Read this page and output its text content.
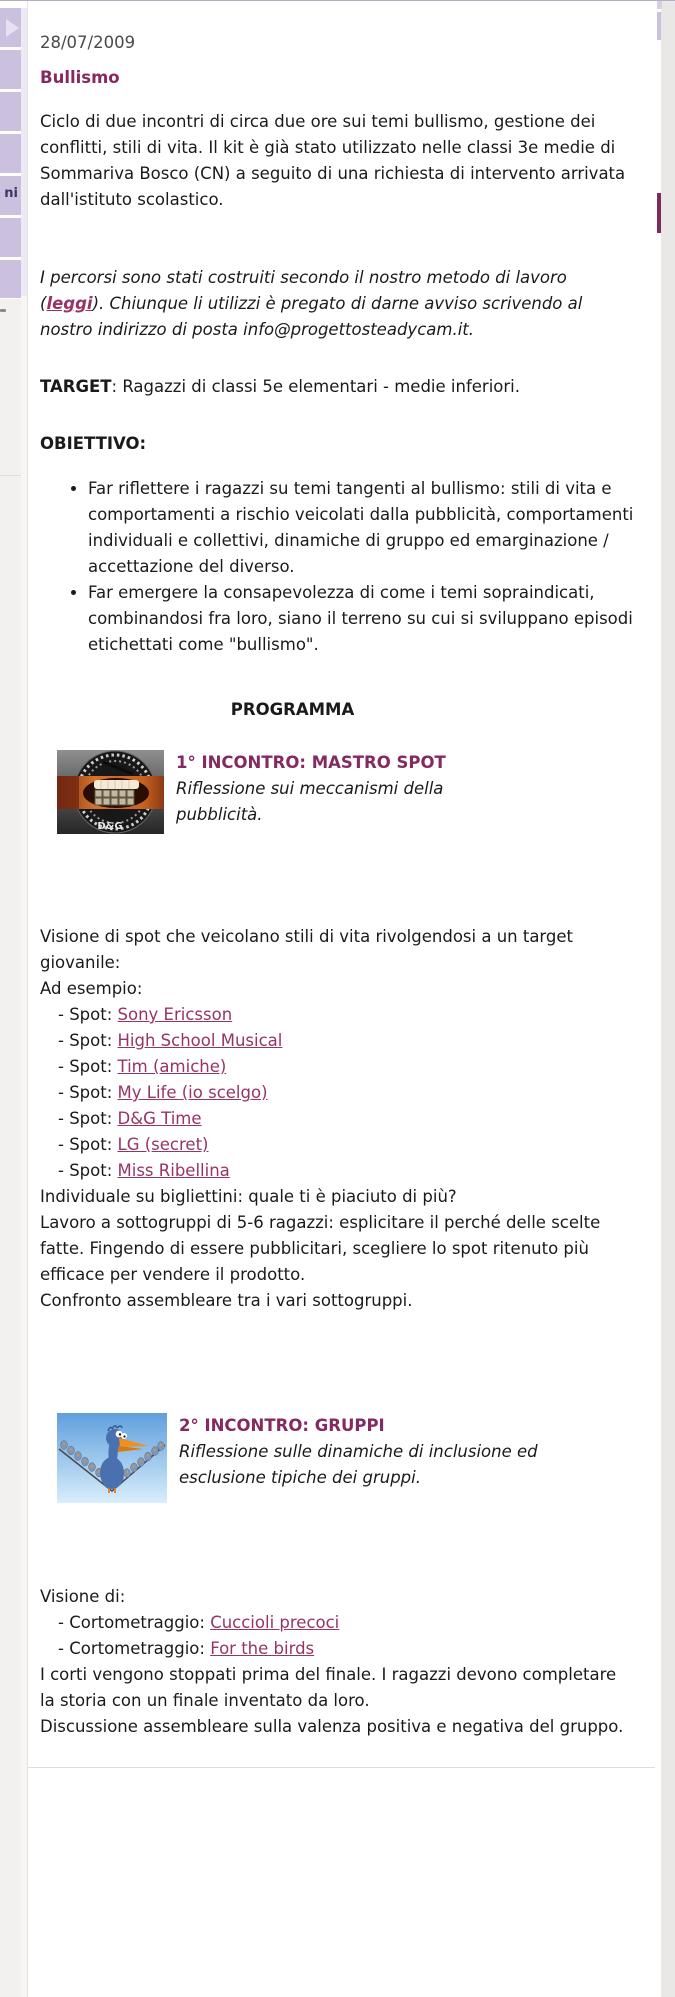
ni
28/07/2009
Bullismo

Ciclo di due incontri di circa due ore sui temi bullismo, gestione dei conflitti, stili di vita. Il kit è già stato utilizzato nelle classi 3e medie di Sommariva Bosco (CN) a seguito di una richiesta di intervento arrivata dall'istituto scolastico.

I percorsi sono stati costruiti secondo il nostro metodo di lavoro (leggi). Chiunque li utilizzi è pregato di darne avviso scrivendo al nostro indirizzo di posta info@progettosteadycam.it.

TARGET: Ragazzi di classi 5e elementari - medie inferiori.

OBIETTIVO:
• Far riflettere i ragazzi su temi tangenti al bullismo: stili di vita e comportamenti a rischio veicolati dalla pubblicità, comportamenti individuali e collettivi, dinamiche di gruppo ed emarginazione / accettazione del diverso.
• Far emergere la consapevolezza di come i temi sopraindicati, combinandosi fra loro, siano il terreno su cui si sviluppano episodi etichettati come "bullismo".
PROGRAMMA
D&G
1° INCONTRO: MASTRO SPOT
Riflessione sui meccanismi della pubblicità.
Visione di spot che veicolano stili di vita rivolgendosi a un target giovanile:
Ad esempio:
- Spot: Sony Ericsson
- Spot: High School Musical
- Spot: Tim (amiche)
- Spot: My Life (io scelgo)
- Spot: D&G Time
- Spot: LG (secret)
- Spot: Miss Ribellina
Individuale su bigliettini: quale ti è piaciuto di più?
Lavoro a sottogruppi di 5-6 ragazzi: esplicitare il perché delle scelte fatte. Fingendo di essere pubblicitari, scegliere lo spot ritenuto più efficace per vendere il prodotto.
Confronto assembleare tra i vari sottogruppi.
2° INCONTRO: GRUPPI
Riflessione sulle dinamiche di inclusione ed esclusione tipiche dei gruppi.
Visione di:
- Cortometraggio: Cuccioli precoci
- Cortometraggio: For the birds
I corti vengono stoppati prima del finale. I ragazzi devono completare la storia con un finale inventato da loro.
Discussione assembleare sulla valenza positiva e negativa del gruppo.
